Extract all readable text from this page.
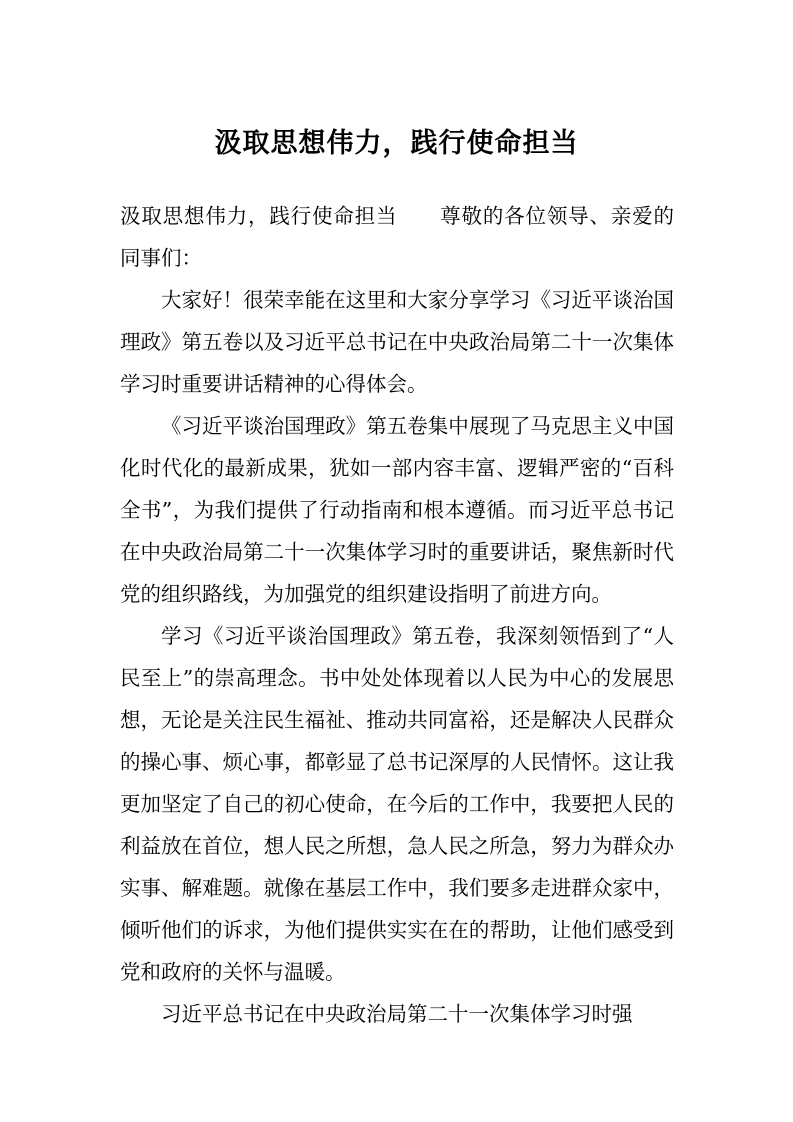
汲取思想伟力，践行使命担当

汲取思想伟力，践行使命担当 尊敬的各位领导、亲爱的同事们：

大家好！很荣幸能在这里和大家分享学习《习近平谈治国理政》第五卷以及习近平总书记在中央政治局第二十一次集体学习时重要讲话精神的心得体会。

《习近平谈治国理政》第五卷集中展现了马克思主义中国化时代化的最新成果，犹如一部内容丰富、逻辑严密的“百科全书”，为我们提供了行动指南和根本遵循。而习近平总书记在中央政治局第二十一次集体学习时的重要讲话，聚焦新时代党的组织路线，为加强党的组织建设指明了前进方向。

学习《习近平谈治国理政》第五卷，我深刻领悟到了“人民至上”的崇高理念。书中处处体现着以人民为中心的发展思想，无论是关注民生福祉、推动共同富裕，还是解决人民群众的操心事、烦心事，都彰显了总书记深厚的人民情怀。这让我更加坚定了自己的初心使命，在今后的工作中，我要把人民的利益放在首位，想人民之所想，急人民之所急，努力为群众办实事、解难题。就像在基层工作中，我们要多走进群众家中，倾听他们的诉求，为他们提供实实在在的帮助，让他们感受到党和政府的关怀与温暖。

习近平总书记在中央政治局第二十一次集体学习时强
